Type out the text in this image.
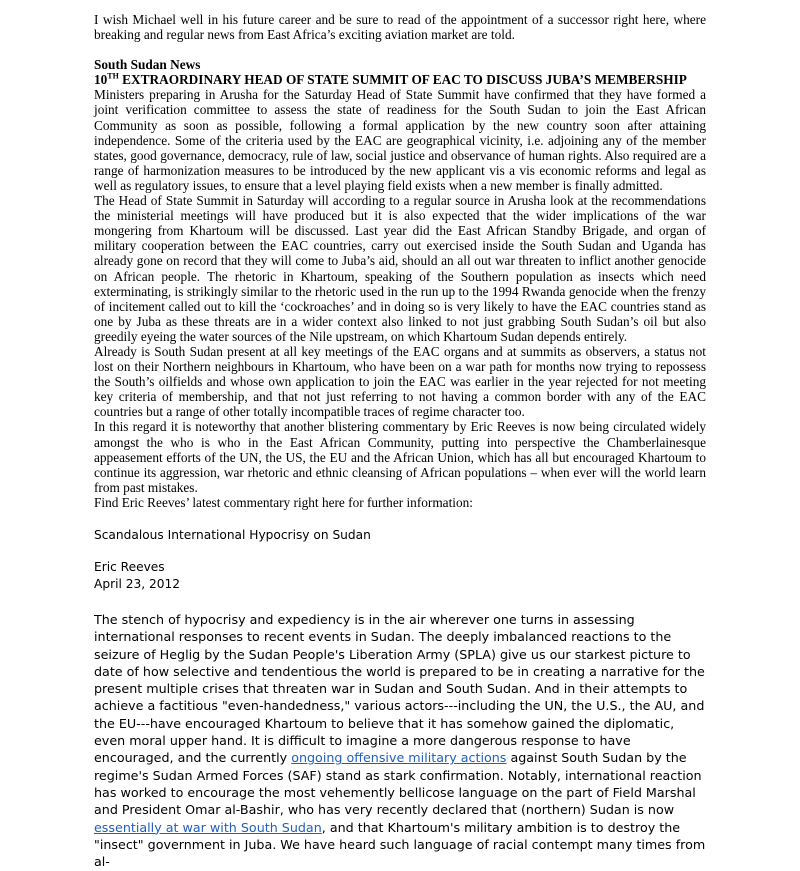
I wish Michael well in his future career and be sure to read of the appointment of a successor right here, where breaking and regular news from East Africa’s exciting aviation market are told.

South Sudan News

10TH EXTRAORDINARY HEAD OF STATE SUMMIT OF EAC TO DISCUSS JUBA’S MEMBERSHIP

Ministers preparing in Arusha for the Saturday Head of State Summit have confirmed that they have formed a joint verification committee to assess the state of readiness for the South Sudan to join the East African Community as soon as possible, following a formal application by the new country soon after attaining independence. Some of the criteria used by the EAC are geographical vicinity, i.e. adjoining any of the member states, good governance, democracy, rule of law, social justice and observance of human rights. Also required are a range of harmonization measures to be introduced by the new applicant vis a vis economic reforms and legal as well as regulatory issues, to ensure that a level playing field exists when a new member is finally admitted.

The Head of State Summit in Saturday will according to a regular source in Arusha look at the recommendations the ministerial meetings will have produced but it is also expected that the wider implications of the war mongering from Khartoum will be discussed. Last year did the East African Standby Brigade, and organ of military cooperation between the EAC countries, carry out exercised inside the South Sudan and Uganda has already gone on record that they will come to Juba’s aid, should an all out war threaten to inflict another genocide on African people. The rhetoric in Khartoum, speaking of the Southern population as insects which need exterminating, is strikingly similar to the rhetoric used in the run up to the 1994 Rwanda genocide when the frenzy of incitement called out to kill the ‘cockroaches’ and in doing so is very likely to have the EAC countries stand as one by Juba as these threats are in a wider context also linked to not just grabbing South Sudan’s oil but also greedily eyeing the water sources of the Nile upstream, on which Khartoum Sudan depends entirely.

Already is South Sudan present at all key meetings of the EAC organs and at summits as observers, a status not lost on their Northern neighbours in Khartoum, who have been on a war path for months now trying to repossess the South’s oilfields and whose own application to join the EAC was earlier in the year rejected for not meeting key criteria of membership, and that not just referring to not having a common border with any of the EAC countries but a range of other totally incompatible traces of regime character too.

In this regard it is noteworthy that another blistering commentary by Eric Reeves is now being circulated widely amongst the who is who in the East African Community, putting into perspective the Chamberlainesque appeasement efforts of the UN, the US, the EU and the African Union, which has all but encouraged Khartoum to continue its aggression, war rhetoric and ethnic cleansing of African populations – when ever will the world learn from past mistakes.

Find Eric Reeves’ latest commentary right here for further information:

Scandalous International Hypocrisy on Sudan

Eric Reeves

April 23, 2012

The stench of hypocrisy and expediency is in the air wherever one turns in assessing international responses to recent events in Sudan. The deeply imbalanced reactions to the seizure of Heglig by the Sudan People's Liberation Army (SPLA) give us our starkest picture to date of how selective and tendentious the world is prepared to be in creating a narrative for the present multiple crises that threaten war in Sudan and South Sudan. And in their attempts to achieve a factitious "even-handedness," various actors---including the UN, the U.S., the AU, and the EU---have encouraged Khartoum to believe that it has somehow gained the diplomatic, even moral upper hand. It is difficult to imagine a more dangerous response to have encouraged, and the currently ongoing offensive military actions against South Sudan by the regime's Sudan Armed Forces (SAF) stand as stark confirmation. Notably, international reaction has worked to encourage the most vehemently bellicose language on the part of Field Marshal and President Omar al-Bashir, who has very recently declared that (northern) Sudan is now essentially at war with South Sudan, and that Khartoum's military ambition is to destroy the "insect" government in Juba. We have heard such language of racial contempt many times from al-
